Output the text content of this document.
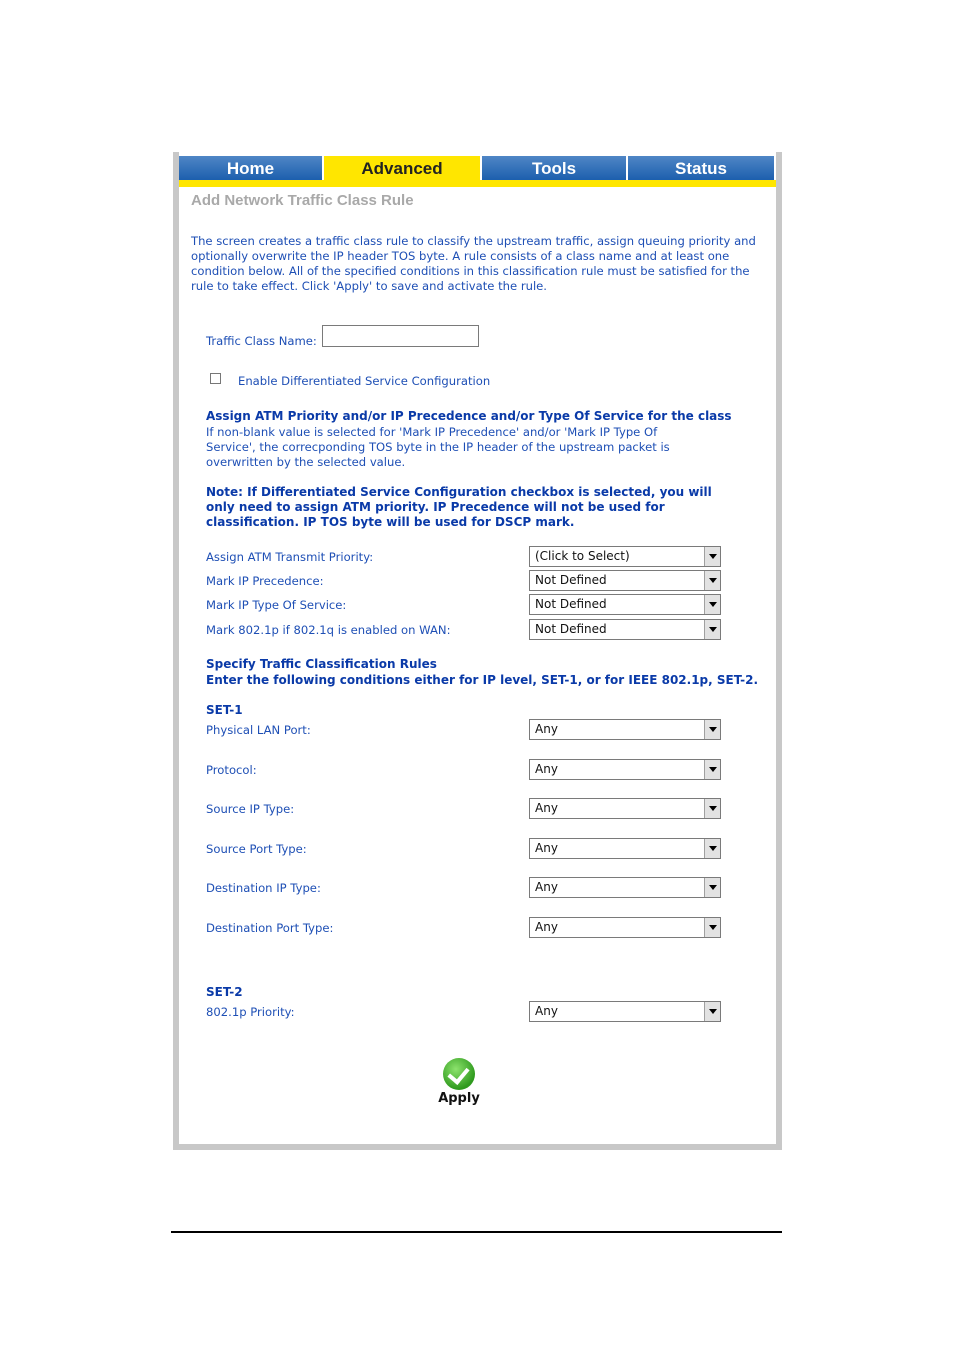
Home	Advanced	Tools	Status
Add Network Traffic Class Rule
The screen creates a traffic class rule to classify the upstream traffic, assign queuing priority and optionally overwrite the IP header TOS byte. A rule consists of a class name and at least one condition below. All of the specified conditions in this classification rule must be satisfied for the rule to take effect. Click 'Apply' to save and activate the rule.
Traffic Class Name:
Enable Differentiated Service Configuration
Assign ATM Priority and/or IP Precedence and/or Type Of Service for the class
If non-blank value is selected for 'Mark IP Precedence' and/or 'Mark IP Type Of Service', the correcponding TOS byte in the IP header of the upstream packet is overwritten by the selected value.
Note: If Differentiated Service Configuration checkbox is selected, you will only need to assign ATM priority. IP Precedence will not be used for classification. IP TOS byte will be used for DSCP mark.
Assign ATM Transmit Priority:	(Click to Select)
Mark IP Precedence:	Not Defined
Mark IP Type Of Service:	Not Defined
Mark 802.1p if 802.1q is enabled on WAN:	Not Defined
Specify Traffic Classification Rules
Enter the following conditions either for IP level, SET-1, or for IEEE 802.1p, SET-2.
SET-1
Physical LAN Port:	Any
Protocol:	Any
Source IP Type:	Any
Source Port Type:	Any
Destination IP Type:	Any
Destination Port Type:	Any
SET-2
802.1p Priority:	Any
Apply
